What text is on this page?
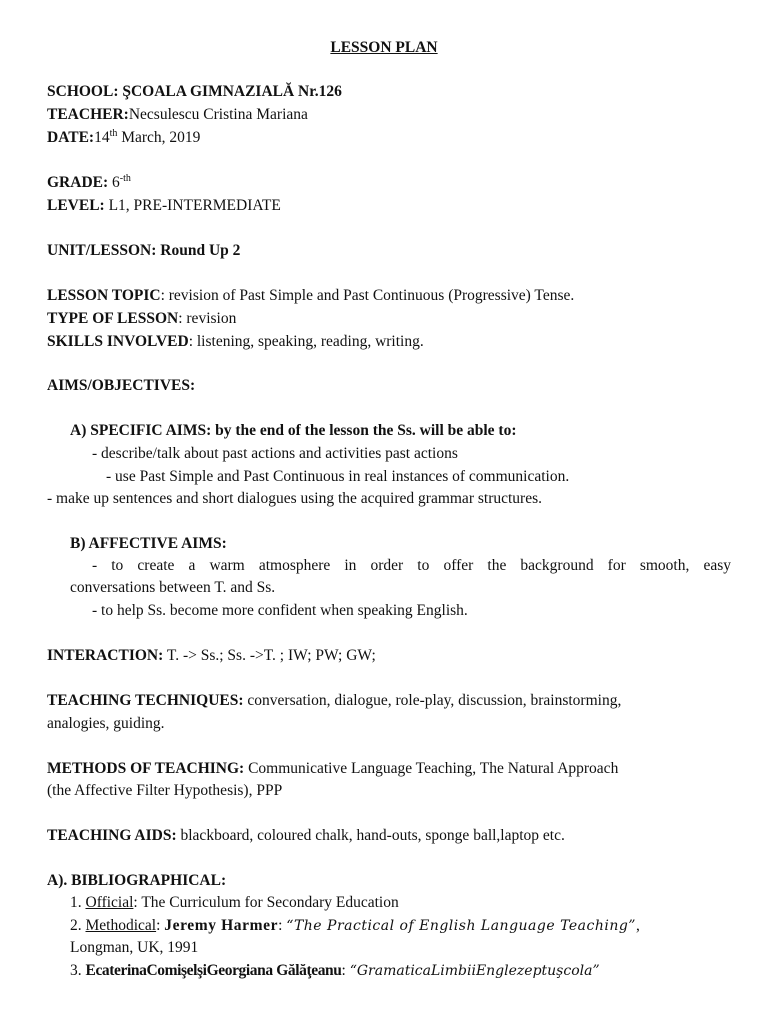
LESSON PLAN
SCHOOL: ŞCOALA GIMNAZIALĂ Nr.126
TEACHER:Necsulescu Cristina Mariana
DATE:14th March, 2019
GRADE: $6^{-th}$
LEVEL: L1, PRE-INTERMEDIATE
UNIT/LESSON: Round Up 2
LESSON TOPIC: revision of Past Simple and Past Continuous (Progressive) Tense.
TYPE OF LESSON: revision
SKILLS INVOLVED: listening, speaking, reading, writing.
AIMS/OBJECTIVES:
A) SPECIFIC AIMS: by the end of the lesson the Ss. will be able to:
- describe/talk about past actions and activities past actions
- use Past Simple and Past Continuous in real instances of communication.
- make up sentences and short dialogues using the acquired grammar structures.
B) AFFECTIVE AIMS:
- to create a warm atmosphere in order to offer the background for smooth, easy
conversations between T. and Ss.
- to help Ss. become more confident when speaking English.
INTERACTION: T. -> Ss.; Ss. ->T. ; IW; PW; GW;
TEACHING TECHNIQUES: conversation, dialogue, role-play, discussion, brainstorming,
analogies, guiding.
METHODS OF TEACHING: Communicative Language Teaching, The Natural Approach
(the Affective Filter Hypothesis), PPP
TEACHING AIDS: blackboard, coloured chalk, hand-outs, sponge ball,laptop etc.
A). BIBLIOGRAPHICAL:
1. Official: The Curriculum for Secondary Education
2. Methodical: Jeremy Harmer: “The Practical of English Language Teaching”,
Longman, UK, 1991
3. EcaterinaComişelşiGeorgiana Gălăţeanu: “GramaticaLimbiiEnglezeptuşcola”
